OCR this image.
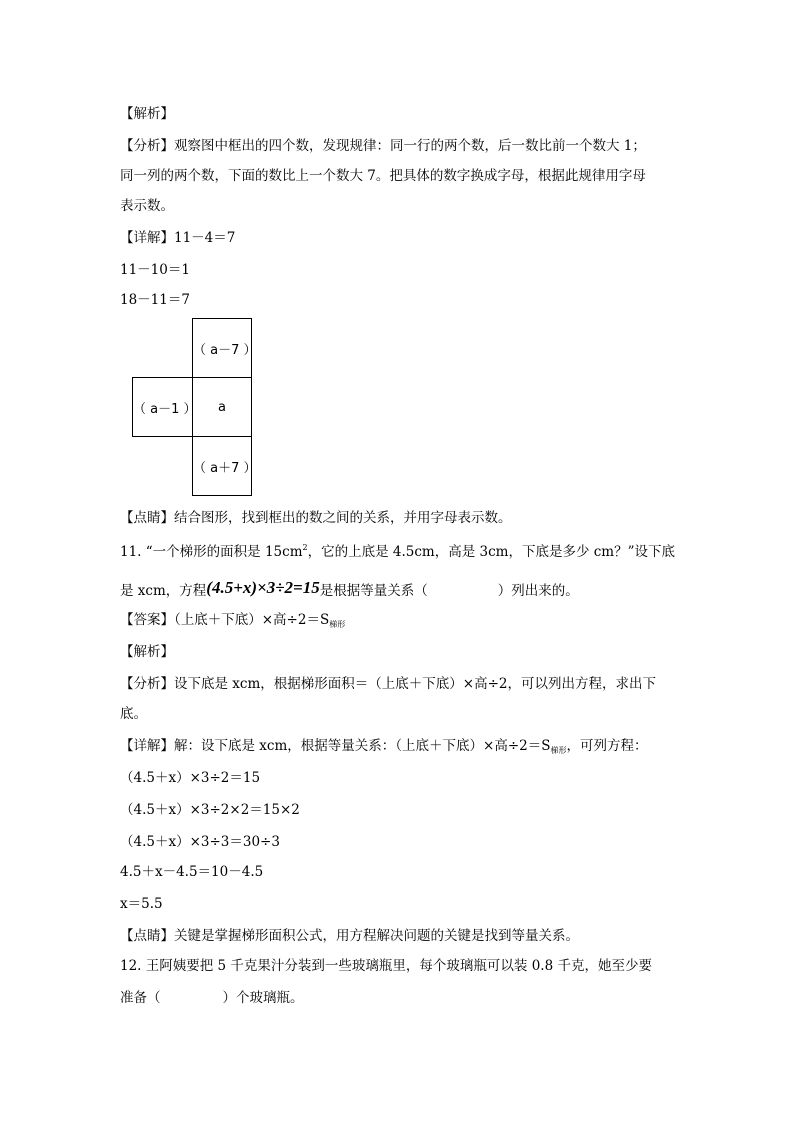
【解析】
【分析】观察图中框出的四个数，发现规律：同一行的两个数，后一数比前一个数大 1；
同一列的两个数，下面的数比上一个数大 7。把具体的数字换成字母，根据此规律用字母
表示数。
【详解】11－4＝7
11－10＝1
18－11＝7
（ a－7 ）
（ a－1 ）	a
（ a＋7 ）
【点睛】结合图形，找到框出的数之间的关系，并用字母表示数。
11. “一个梯形的面积是 $15cm^2$，它的上底是 4.5cm，高是 3cm，下底是多少 cm？”设下底
是 xcm，方程(4.5+x)×3÷2=15是根据等量关系（	）列出来的。
【答案】（上底＋下底）×高$\div 2=S_{梯形}$
【解析】
【分析】设下底是 xcm，根据梯形面积＝（上底＋下底）×高÷2，可以列出方程，求出下
底。
【详解】解：设下底是 xcm，根据等量关系：（上底＋下底）×高$\div 2=S_{梯形}$，可列方程：
（4.5＋x）×3÷2＝15
（4.5＋x）×3÷2×2＝15×2
（4.5＋x）×3÷3＝30÷3
4.5＋x－4.5＝10－4.5
x＝5.5
【点睛】关键是掌握梯形面积公式，用方程解决问题的关键是找到等量关系。
12. 王阿姨要把 5 千克果汁分装到一些玻璃瓶里，每个玻璃瓶可以装 0.8 千克，她至少要
准备（	）个玻璃瓶。
